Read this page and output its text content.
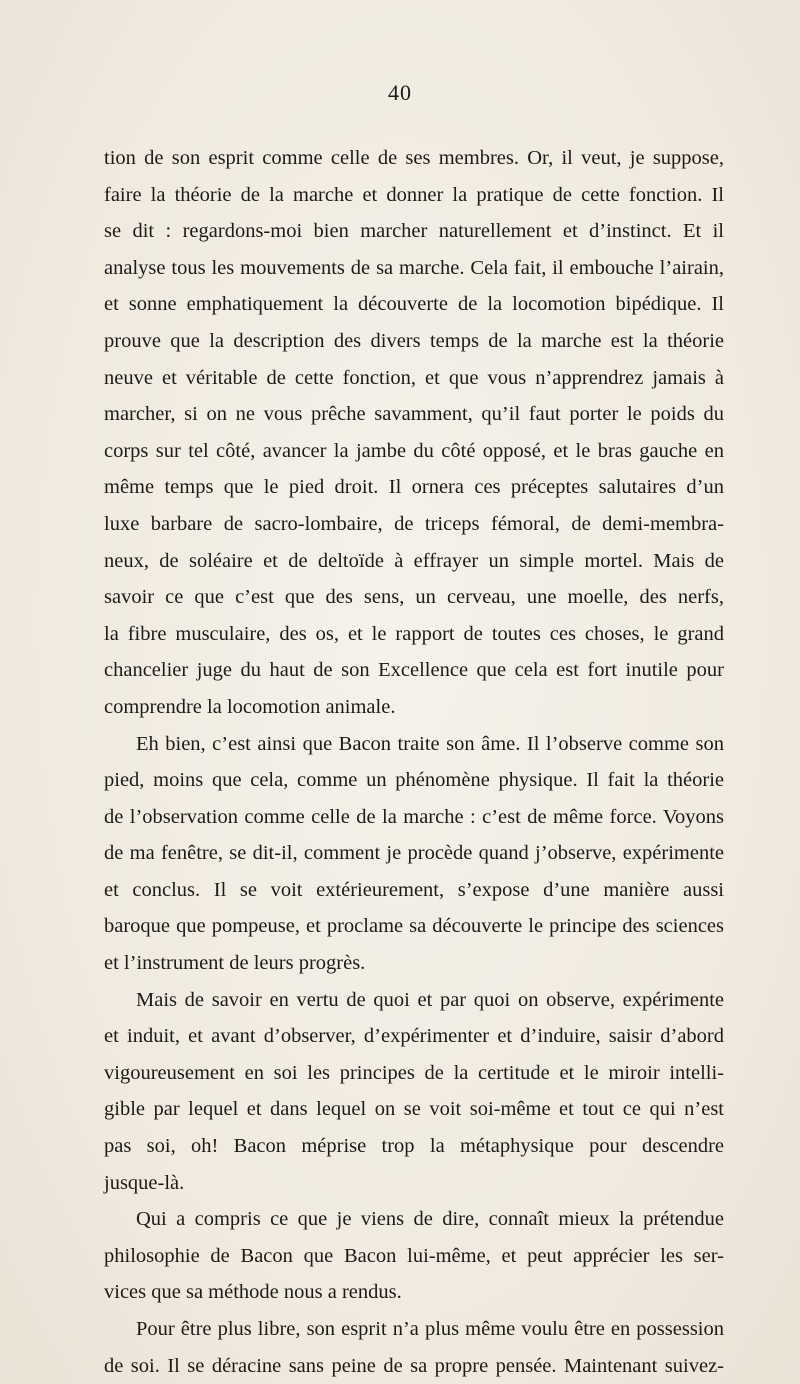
40
tion de son esprit comme celle de ses membres. Or, il veut, je suppose,
faire la théorie de la marche et donner la pratique de cette fonction. Il
se dit : regardons-moi bien marcher naturellement et d’instinct. Et il
analyse tous les mouvements de sa marche. Cela fait, il embouche l’airain,
et sonne emphatiquement la découverte de la locomotion bipédique. Il
prouve que la description des divers temps de la marche est la théorie
neuve et véritable de cette fonction, et que vous n’apprendrez jamais à
marcher, si on ne vous prêche savamment, qu’il faut porter le poids du
corps sur tel côté, avancer la jambe du côté opposé, et le bras gauche en
même temps que le pied droit. Il ornera ces préceptes salutaires d’un
luxe barbare de sacro-lombaire, de triceps fémoral, de demi-membra-
neux, de soléaire et de deltoïde à effrayer un simple mortel. Mais de
savoir ce que c’est que des sens, un cerveau, une moelle, des nerfs,
la fibre musculaire, des os, et le rapport de toutes ces choses, le grand
chancelier juge du haut de son Excellence que cela est fort inutile pour
comprendre la locomotion animale.
Eh bien, c’est ainsi que Bacon traite son âme. Il l’observe comme son
pied, moins que cela, comme un phénomène physique. Il fait la théorie
de l’observation comme celle de la marche : c’est de même force. Voyons
de ma fenêtre, se dit-il, comment je procède quand j’observe, expérimente
et conclus. Il se voit extérieurement, s’expose d’une manière aussi
baroque que pompeuse, et proclame sa découverte le principe des sciences
et l’instrument de leurs progrès.
Mais de savoir en vertu de quoi et par quoi on observe, expérimente
et induit, et avant d’observer, d’expérimenter et d’induire, saisir d’abord
vigoureusement en soi les principes de la certitude et le miroir intelli-
gible par lequel et dans lequel on se voit soi-même et tout ce qui n’est
pas soi, oh! Bacon méprise trop la métaphysique pour descendre
jusque-là.
Qui a compris ce que je viens de dire, connaît mieux la prétendue
philosophie de Bacon que Bacon lui-même, et peut apprécier les ser-
vices que sa méthode nous a rendus.
Pour être plus libre, son esprit n’a plus même voulu être en possession
de soi. Il se déracine sans peine de sa propre pensée. Maintenant suivez-
